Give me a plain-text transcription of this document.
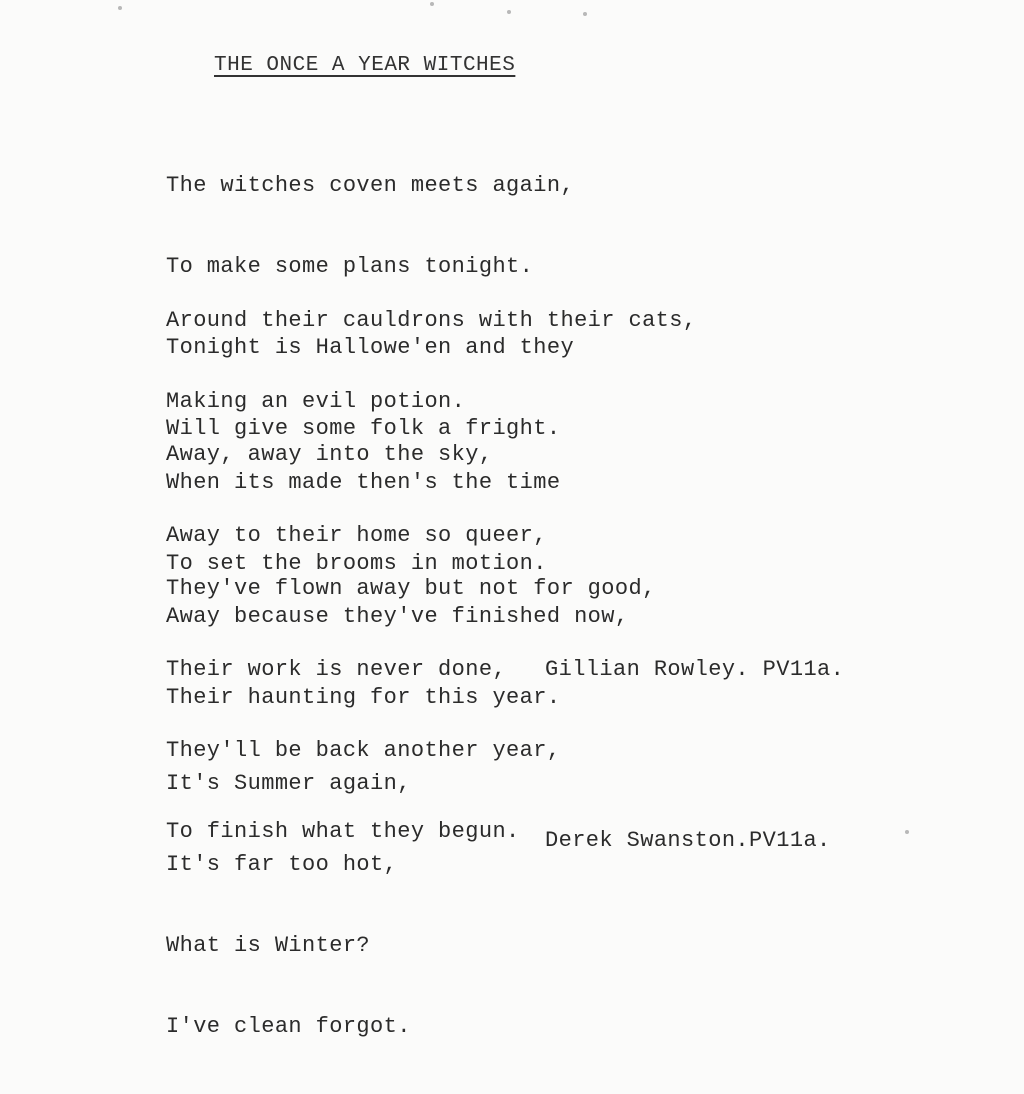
THE ONCE A YEAR WITCHES

The witches coven meets again,

To make some plans tonight.

Tonight is Hallowe'en and they

Will give some folk a fright.

Around their cauldrons with their cats,

Making an evil potion.

When its made then's the time

To set the brooms in motion.

Away, away into the sky,

Away to their home so queer,

Away because they've finished now,

Their haunting for this year.

They've flown away but not for good,

Their work is never done,

They'll be back another year,

To finish what they begun.

Gillian Rowley. PV11a.

It's Summer again,

It's far too hot,

What is Winter?

I've clean forgot.

Derek Swanston.PV11a.
